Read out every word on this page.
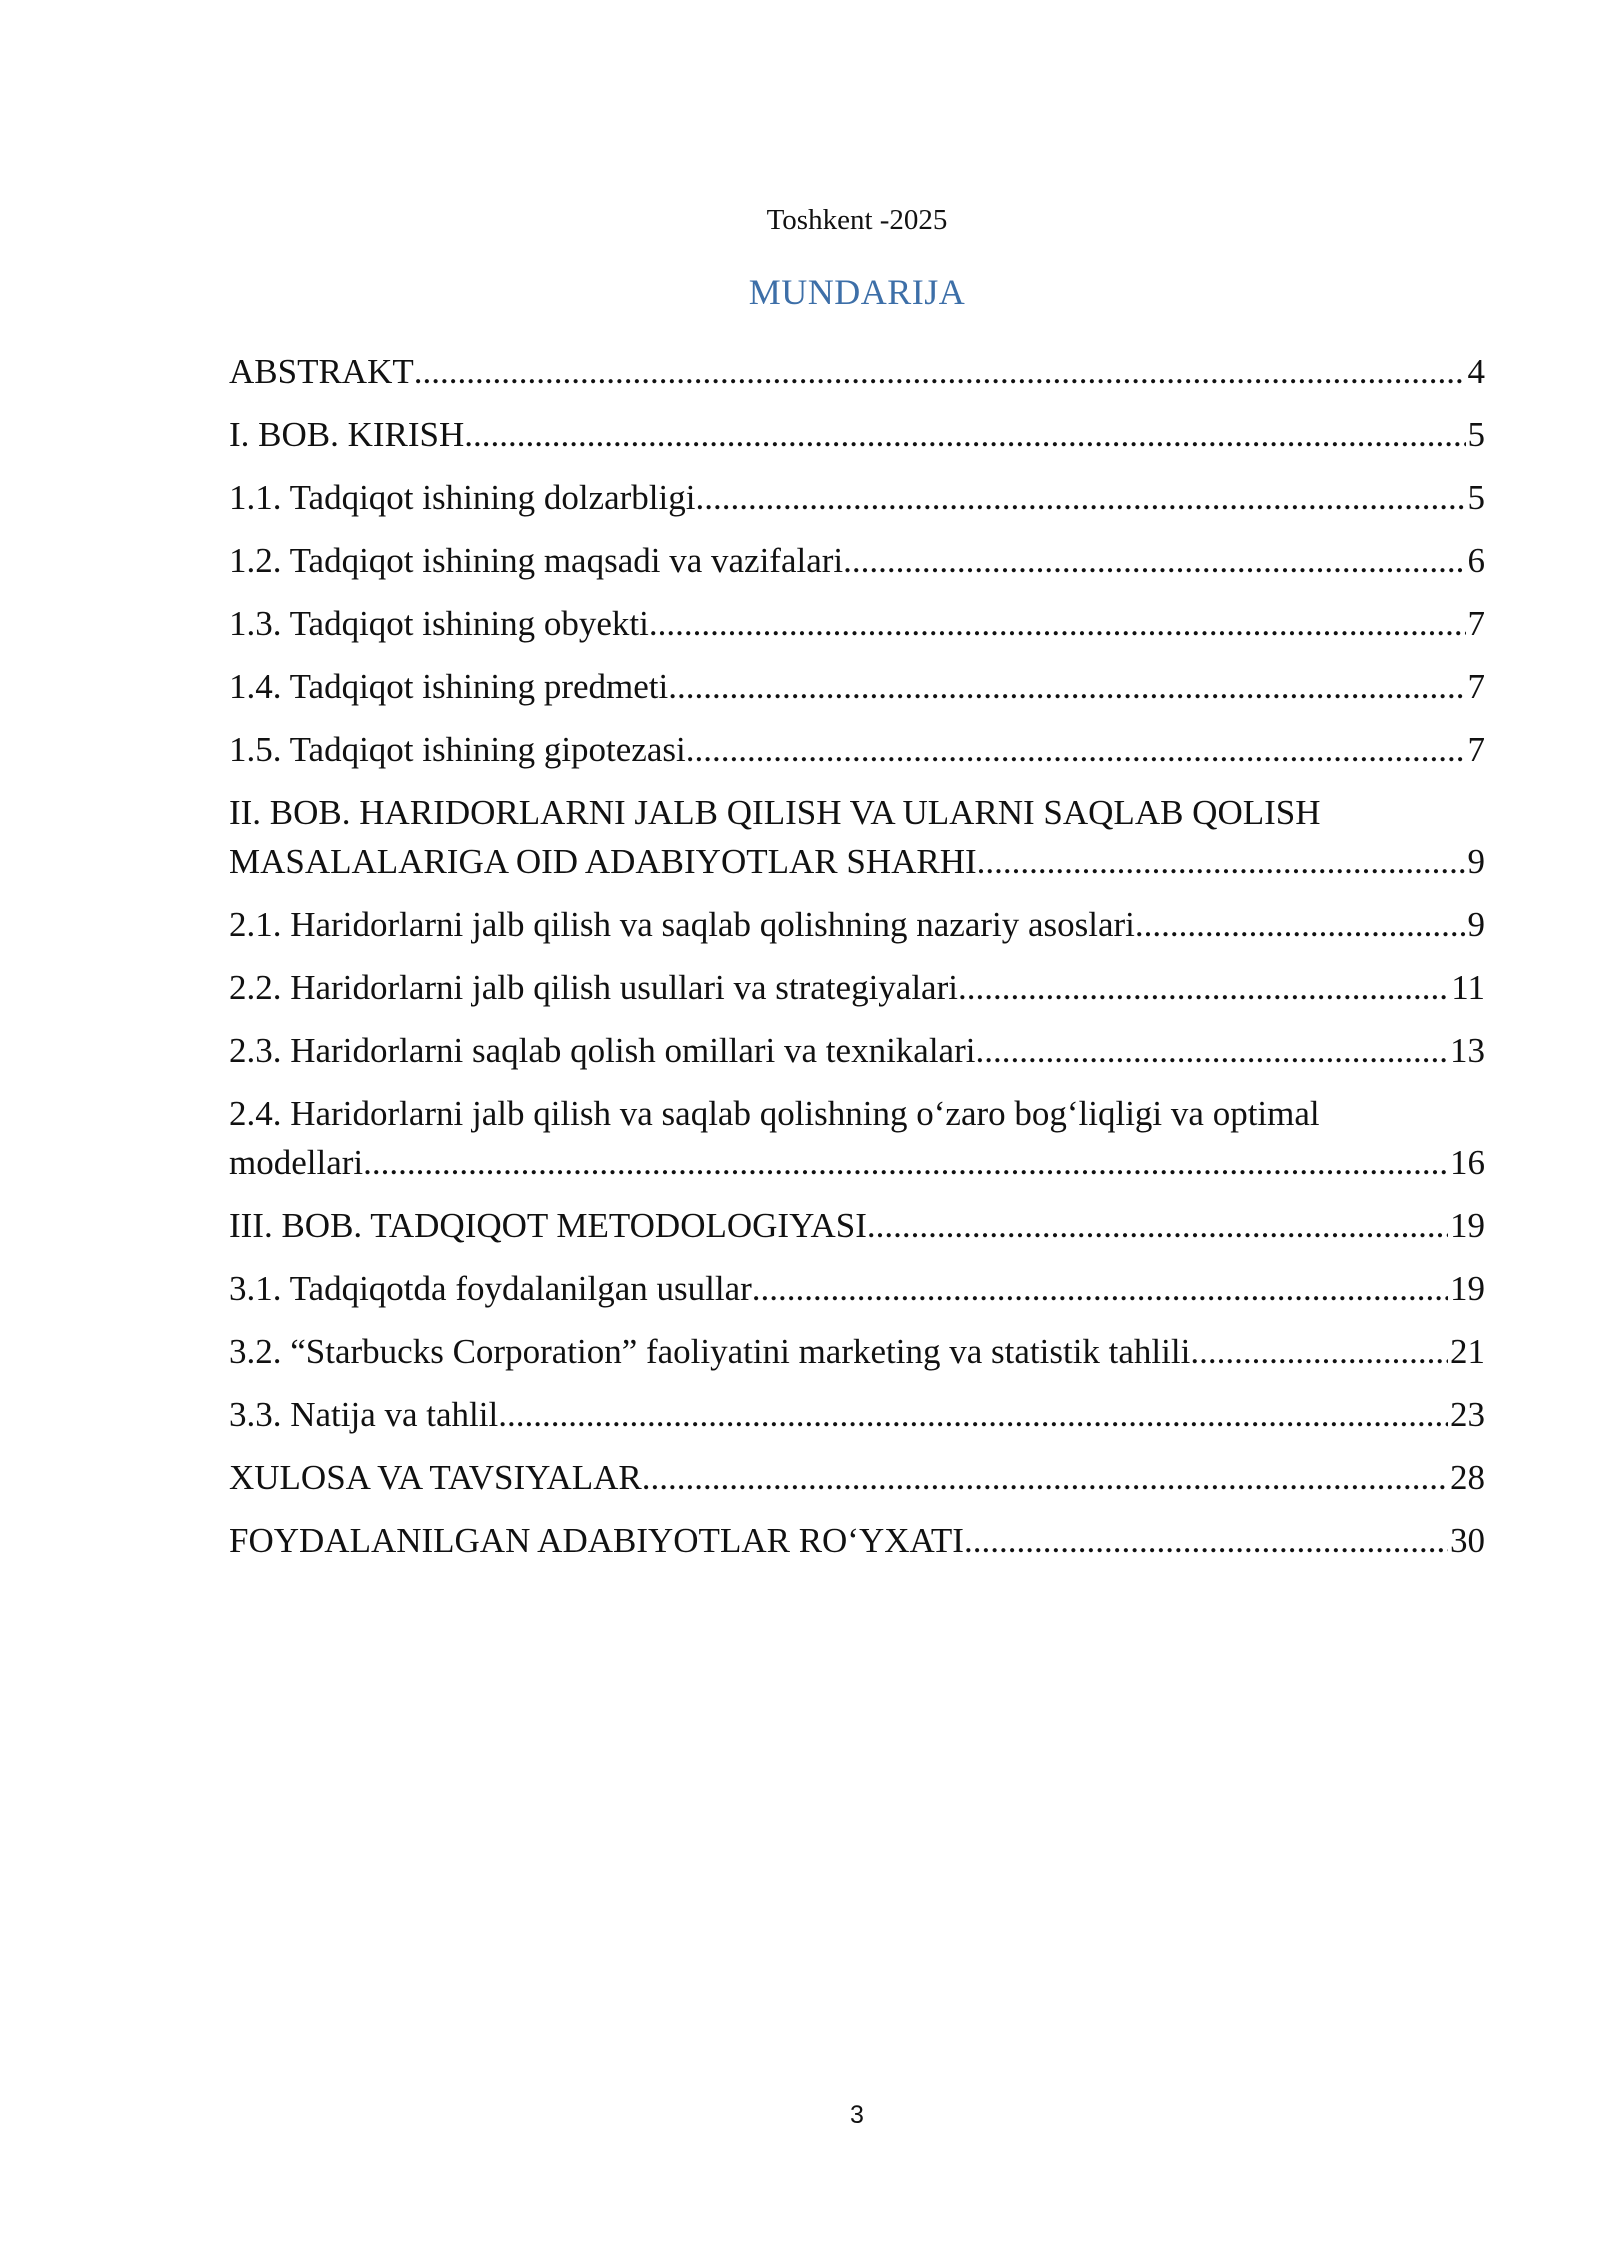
Toshkent -2025
MUNDARIJA
ABSTRAKT .....	4
I. BOB. KIRISH .....	5
1.1. Tadqiqot ishining dolzarbligi .....	5
1.2. Tadqiqot ishining maqsadi va vazifalari .....	6
1.3. Tadqiqot ishining obyekti .....	7
1.4. Tadqiqot ishining predmeti .....	7
1.5. Tadqiqot ishining gipotezasi .....	7
II. BOB. HARIDORLARNI JALB QILISH VA ULARNI SAQLAB QOLISH
MASALALARIGA OID ADABIYOTLAR SHARHI .....	9
2.1. Haridorlarni jalb qilish va saqlab qolishning nazariy asoslari .....	9
2.2. Haridorlarni jalb qilish usullari va strategiyalari .....	11
2.3. Haridorlarni saqlab qolish omillari va texnikalari .....	13
2.4. Haridorlarni jalb qilish va saqlab qolishning o‘zaro bog‘liqligi va optimal
modellari .....	16
III. BOB. TADQIQOT METODOLOGIYASI .....	19
3.1. Tadqiqotda foydalanilgan usullar .....	19
3.2. “Starbucks Corporation” faoliyatini marketing va statistik tahlili .....	21
3.3. Natija va tahlil .....	23
XULOSA VA TAVSIYALAR .....	28
FOYDALANILGAN ADABIYOTLAR RO‘YXATI .....	30
3
